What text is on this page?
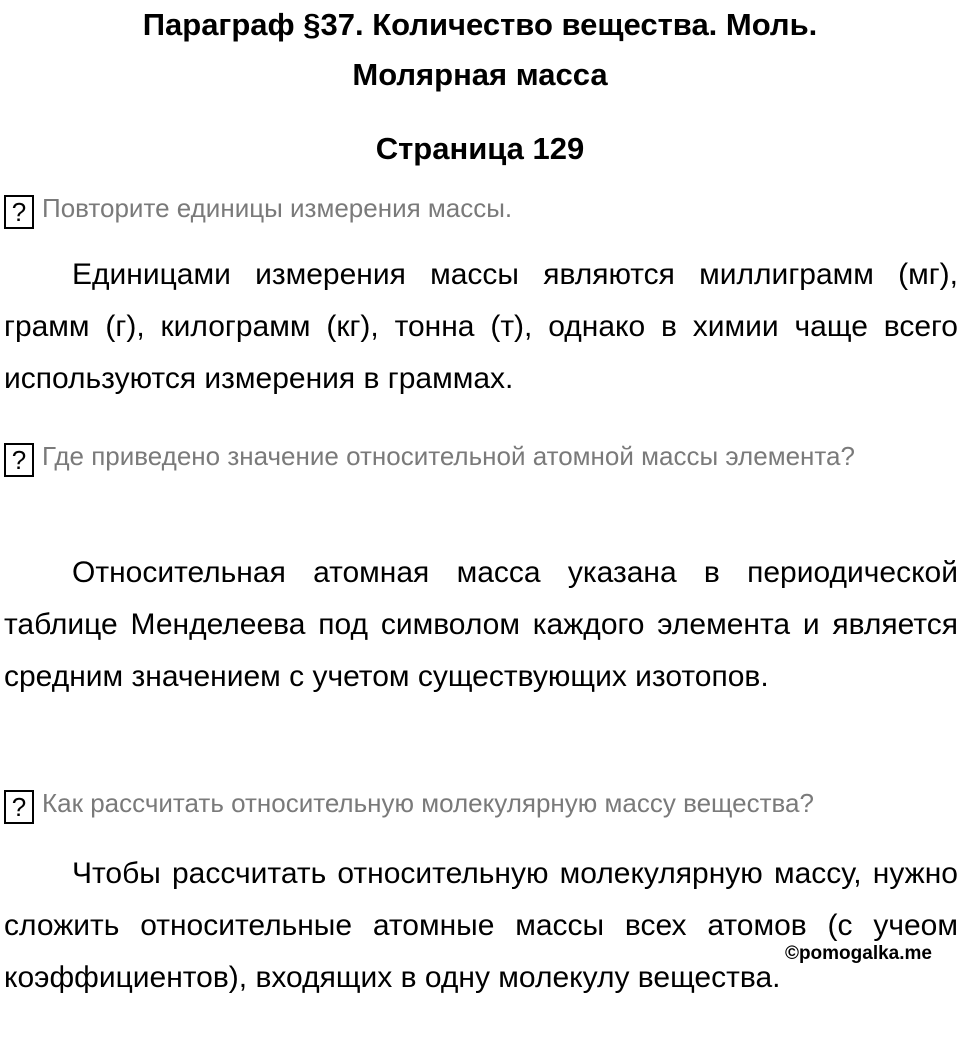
Параграф §37. Количество вещества. Моль.

Молярная масса

Страница 129
? Повторите единицы измерения массы.

Единицами измерения массы являются миллиграмм (мг), грамм (г), килограмм (кг), тонна (т), однако в химии чаще всего используются измерения в граммах.

? Где приведено значение относительной атомной массы элемента?

Относительная атомная масса указана в периодической таблице Менделеева под символом каждого элемента и является средним значением с учетом существующих изотопов.

? Как рассчитать относительную молекулярную массу вещества?

Чтобы рассчитать относительную молекулярную массу, нужно сложить относительные атомные массы всех атомов (с учеом коэффициентов), входящих в одну молекулу вещества.

©pomogalka.me
